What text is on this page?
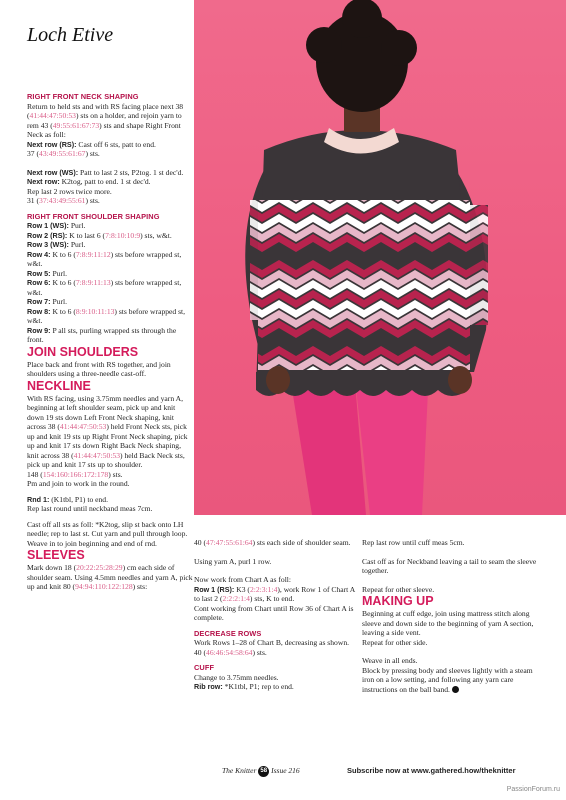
Loch Etive

RIGHT FRONT NECK SHAPING

Return to held sts and with RS facing place next 38 (41:44:47:50:53) sts on a holder, and rejoin yarn to rem 43 (49:55:61:67:73) sts and shape Right Front Neck as foll:

Next row (RS): Cast off 6 sts, patt to end.

37 (43:49:55:61:67) sts.

Next row (WS): Patt to last 2 sts, P2tog. 1 st dec'd.

Next row: K2tog, patt to end. 1 st dec'd.

Rep last 2 rows twice more.

31 (37:43:49:55:61) sts.

RIGHT FRONT SHOULDER SHAPING

Row 1 (WS): Purl.

Row 2 (RS): K to last 6 (7:8:10:10:9) sts, w&t.

Row 3 (WS): Purl.

Row 4: K to 6 (7:8:9:11:12) sts before wrapped st, w&t.

Row 5: Purl.

Row 6: K to 6 (7:8:9:11:13) sts before wrapped st, w&t.

Row 7: Purl.

Row 8: K to 6 (8:9:10:11:13) sts before wrapped st, w&t.

Row 9: P all sts, purling wrapped sts through the front.

JOIN SHOULDERS

Place back and front with RS together, and join shoulders using a three-needle cast-off.

NECKLINE

With RS facing, using 3.75mm needles and yarn A, beginning at left shoulder seam, pick up and knit down 19 sts down Left Front Neck shaping, knit across 38 (41:44:47:50:53) held Front Neck sts, pick up and knit 19 sts up Right Front Neck shaping, pick up and knit 17 sts down Right Back Neck shaping, knit across 38 (41:44:47:50:53) held Back Neck sts, pick up and knit 17 sts up to shoulder.

148 (154:160:166:172:178) sts.

Pm and join to work in the round.

Rnd 1: (K1tbl, P1) to end.

Rep last round until neckband meas 7cm.

Cast off all sts as foll: *K2tog, slip st back onto LH needle; rep to last st. Cut yarn and pull through loop. Weave in to join beginning and end of rnd.

SLEEVES

Mark down 18 (20:22:25:28:29) cm each side of shoulder seam. Using 4.5mm needles and yarn A, pick up and knit 80 (94:94:110:122:128) sts:

40 (47:47:55:61:64) sts each side of shoulder seam.

Using yarn A, purl 1 row.

Now work from Chart A as foll:

Row 1 (RS): K3 (2:2:3:1:4), work Row 1 of Chart A to last 2 (2:2:2:1:4) sts, K to end.

Cont working from Chart until Row 36 of Chart A is complete.

DECREASE ROWS

Work Rows 1–28 of Chart B, decreasing as shown.

40 (46:46:54:58:64) sts.

CUFF

Change to 3.75mm needles.

Rib row: *K1tbl, P1; rep to end.

Rep last row until cuff meas 5cm.

Cast off as for Neckband leaving a tail to seam the sleeve together.

Repeat for other sleeve.

MAKING UP

Beginning at cuff edge, join using mattress stitch along sleeve and down side to the beginning of yarn A section, leaving a side vent.

Repeat for other side.

Weave in all ends.

Block by pressing body and sleeves lightly with a steam iron on a low setting, and following any yarn care instructions on the ball band.

The Knitter 58 Issue 216	Subscribe now at www.gathered.how/theknitter
PassionForum.ru
